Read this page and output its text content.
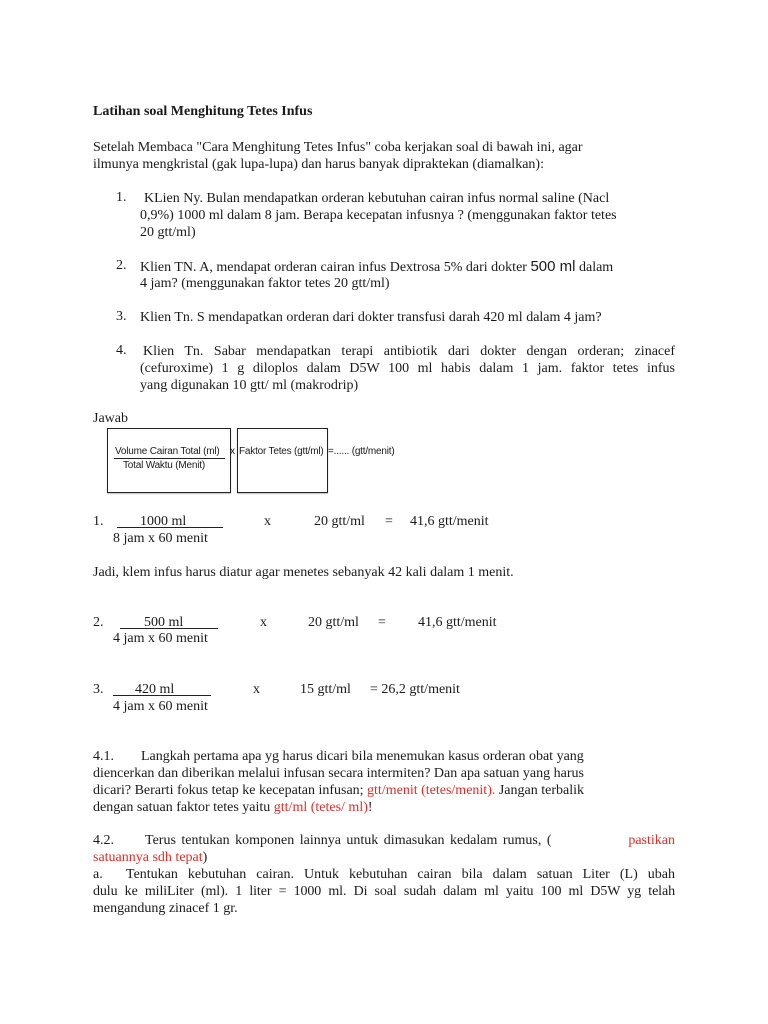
Latihan soal Menghitung Tetes Infus
Setelah Membaca "Cara Menghitung Tetes Infus" coba kerjakan soal di bawah ini, agar
ilmunya mengkristal (gak lupa-lupa) dan harus banyak dipraktekan (diamalkan):
1. KLien Ny. Bulan mendapatkan orderan kebutuhan cairan infus normal saline (Nacl
0,9%) 1000 ml dalam 8 jam. Berapa kecepatan infusnya ? (menggunakan faktor tetes
20 gtt/ml)
2. Klien TN. A, mendapat orderan cairan infus Dextrosa 5% dari dokter 500 ml dalam
4 jam? (menggunakan faktor tetes 20 gtt/ml)
3. Klien Tn. S mendapatkan orderan dari dokter transfusi darah 420 ml dalam 4 jam?
4. Klien Tn. Sabar mendapatkan terapi antibiotik dari dokter dengan orderan; zinacef
(cefuroxime) 1 g diloplos dalam D5W 100 ml habis dalam 1 jam. faktor tetes infus
yang digunakan 10 gtt/ ml (makrodrip)
Jawab
Volume Cairan Total (ml)
Total Waktu (Menit)
x Faktor Tetes (gtt/ml) =...... (gtt/menit)
1.	1000 ml	x	20 gtt/ml = 41,6 gtt/menit
8 jam x 60 menit
Jadi, klem infus harus diatur agar menetes sebanyak 42 kali dalam 1 menit.
2.	500 ml	x	20 gtt/ml = 41,6 gtt/menit
4 jam x 60 menit
3. 420 ml	x	15 gtt/ml = 26,2 gtt/menit
4 jam x 60 menit
4.1. Langkah pertama apa yg harus dicari bila menemukan kasus orderan obat yang
diencerkan dan diberikan melalui infusan secara intermiten? Dan apa satuan yang harus
dicari? Berarti fokus tetap ke kecepatan infusan; gtt/menit (tetes/menit). Jangan terbalik
dengan satuan faktor tetes yaitu gtt/ml (tetes/ ml)!
4.2. Terus tentukan komponen lainnya untuk dimasukan kedalam rumus, (	pastikan
satuannya sdh tepat)
a. Tentukan kebutuhan cairan. Untuk kebutuhan cairan bila dalam satuan Liter (L) ubah
dulu ke miliLiter (ml). 1 liter = 1000 ml. Di soal sudah dalam ml yaitu 100 ml D5W yg telah
mengandung zinacef 1 gr.
